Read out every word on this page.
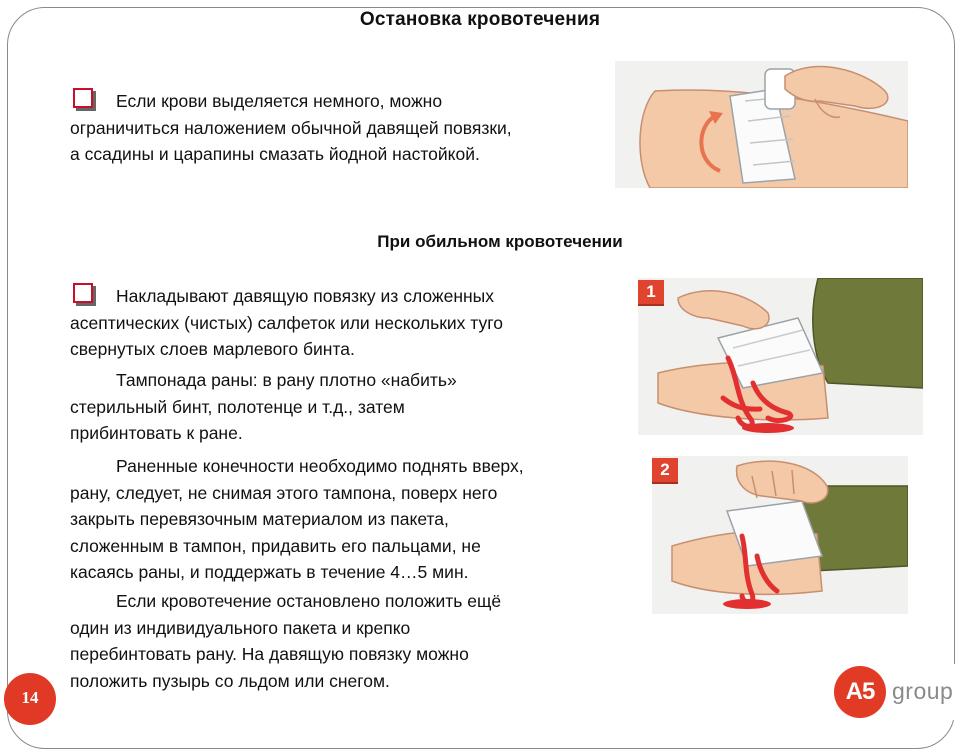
Остановка кровотечения

Если крови выделяется немного, можно
ограничиться наложением обычной давящей повязки,
а ссадины и царапины смазать йодной настойкой.

При обильном кровотечении

Накладывают давящую повязку из сложенных
асептических (чистых) салфеток или нескольких туго
свернутых слоев марлевого бинта.

Тампонада раны: в рану плотно «набить»
стерильный бинт, полотенце и т.д., затем
прибинтовать к ране.

Раненные конечности необходимо поднять вверх,
рану, следует, не снимая этого тампона, поверх него
закрыть перевязочным материалом из пакета,
сложенным в тампон, придавить его пальцами, не
касаясь раны, и поддержать в течение 4…5 мин.

Если кровотечение остановлено положить ещё
один из индивидуального пакета и крепко
перебинтовать рану. На давящую повязку можно
положить пузырь со льдом или снегом.

1
2
14	A5 group
